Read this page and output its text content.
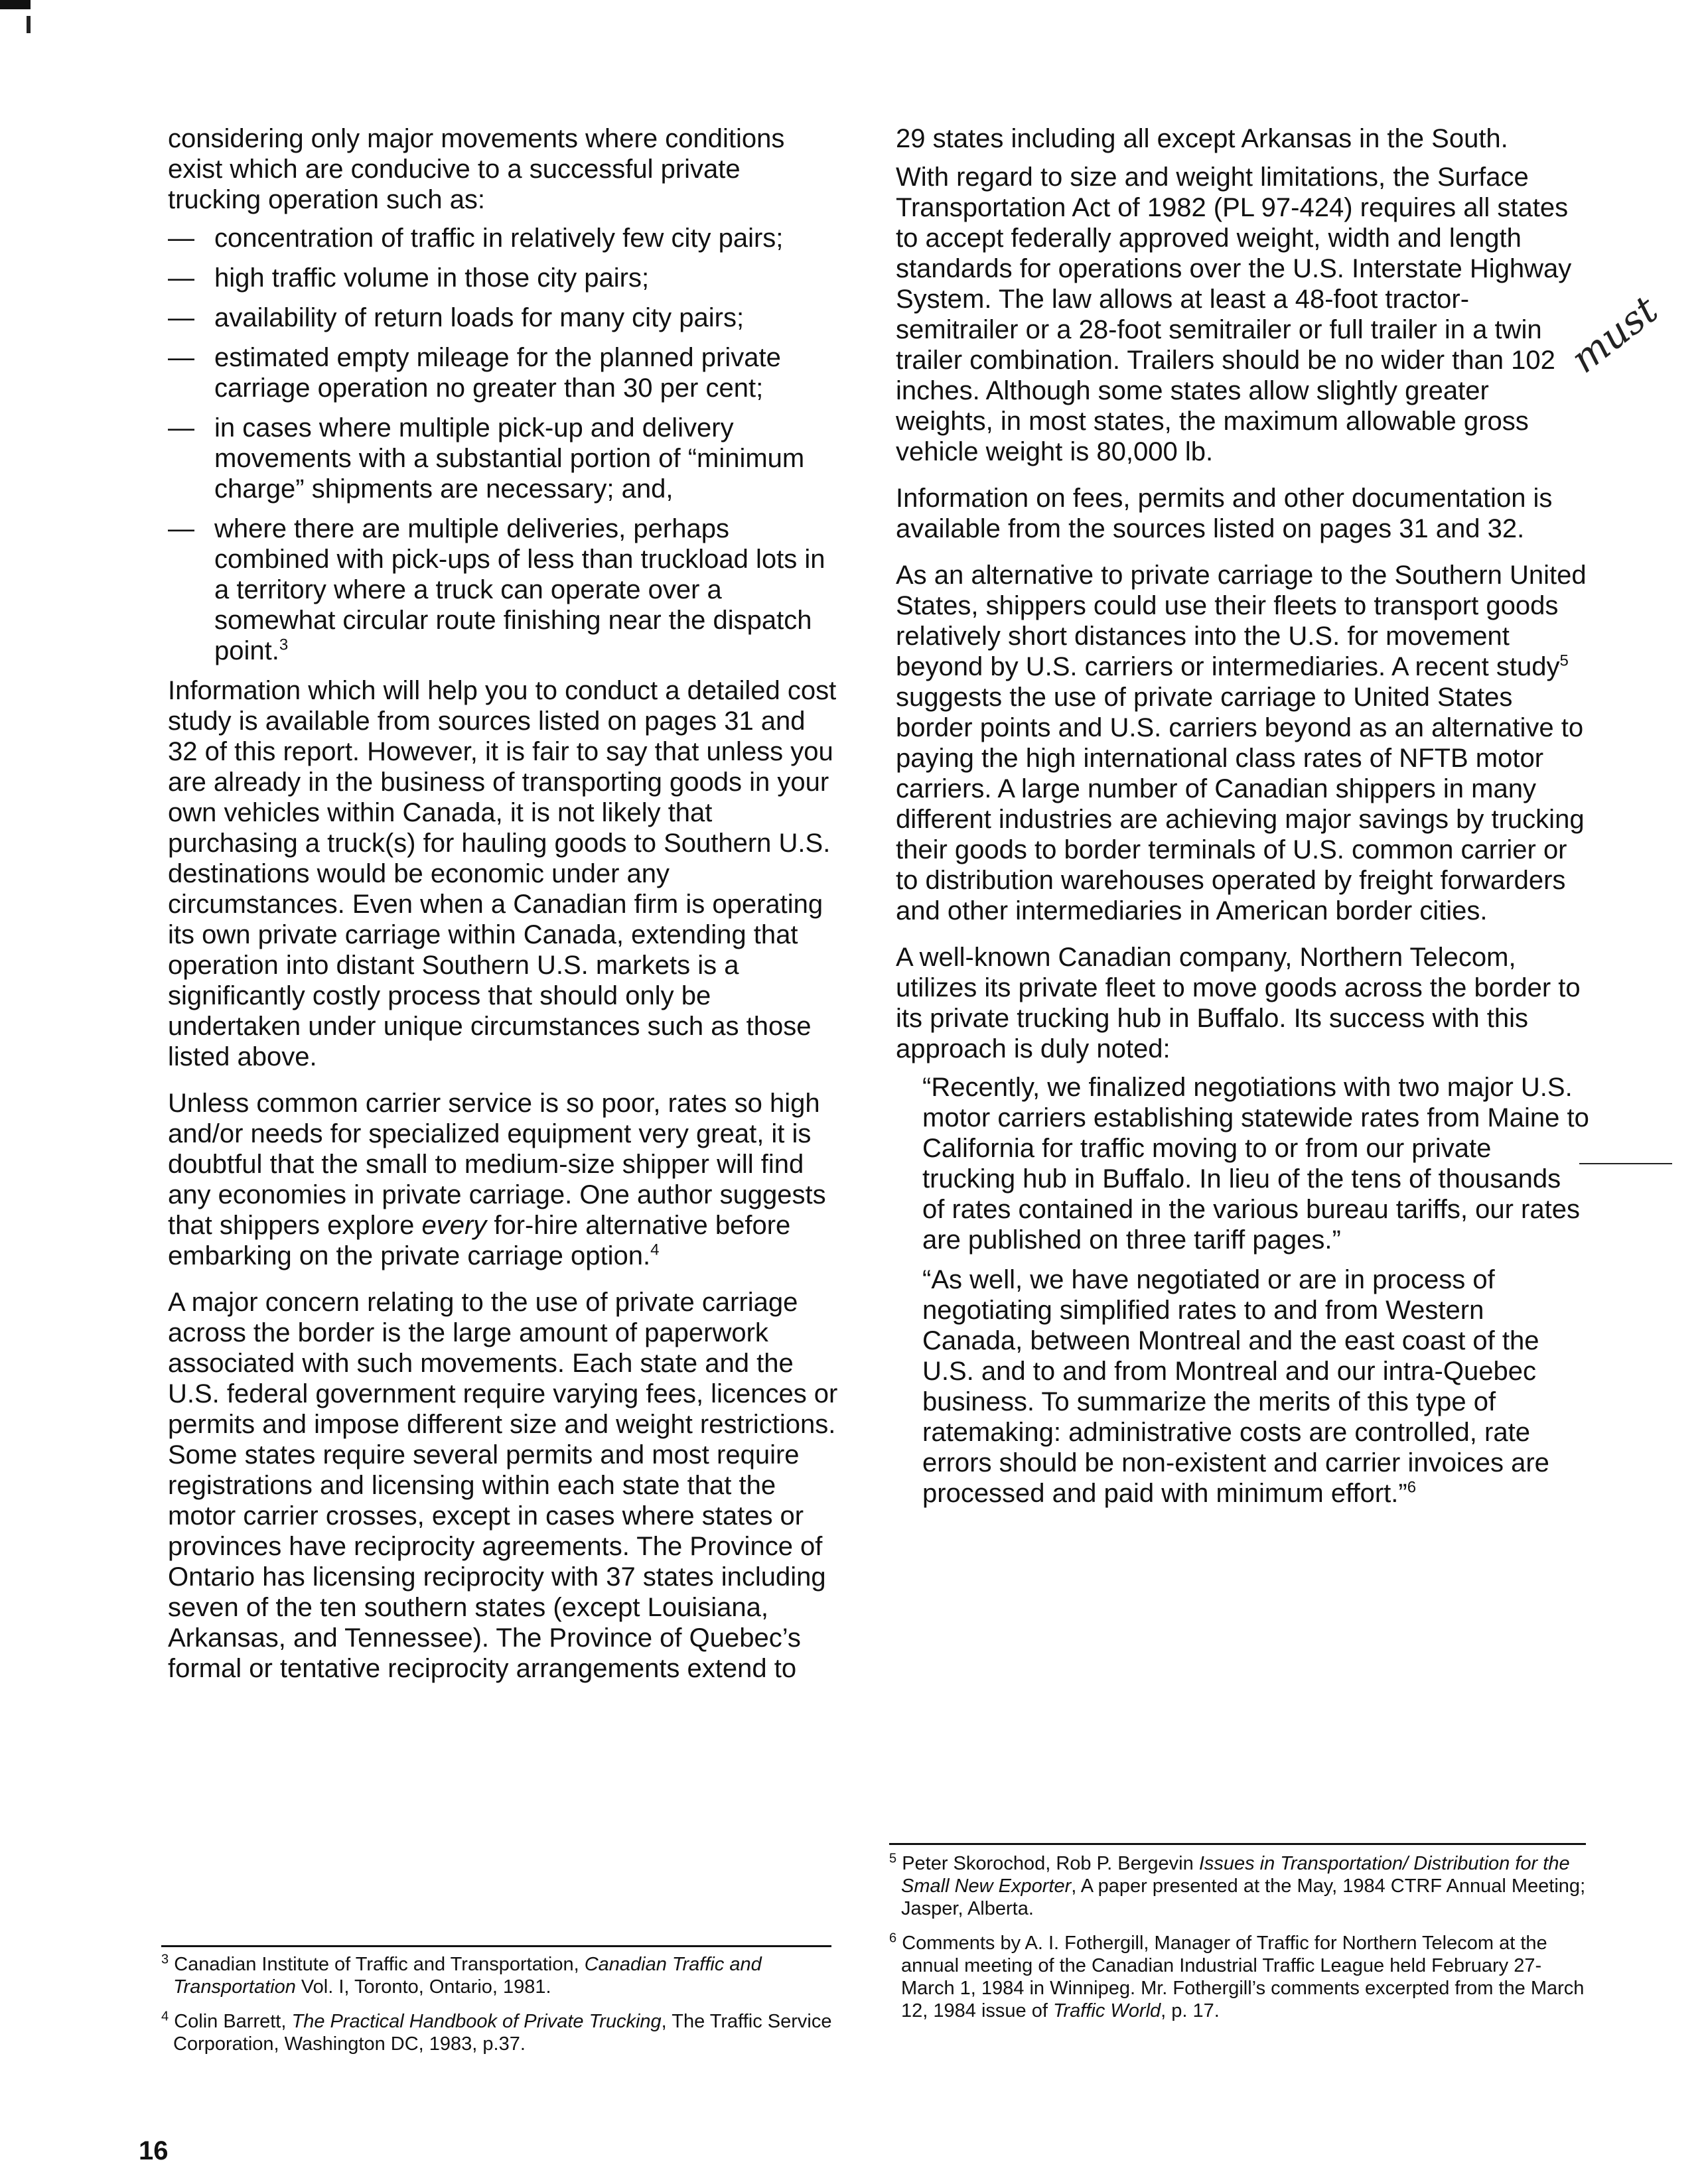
considering only major movements where conditions exist which are conducive to a successful private trucking operation such as:

— concentration of traffic in relatively few city pairs;
— high traffic volume in those city pairs;
— availability of return loads for many city pairs;
— estimated empty mileage for the planned private carriage operation no greater than 30 per cent;
— in cases where multiple pick-up and delivery movements with a substantial portion of “minimum charge” shipments are necessary; and,
— where there are multiple deliveries, perhaps combined with pick-ups of less than truckload lots in a territory where a truck can operate over a somewhat circular route finishing near the dispatch point.$^3$

Information which will help you to conduct a detailed cost study is available from sources listed on pages 31 and 32 of this report. However, it is fair to say that unless you are already in the business of transporting goods in your own vehicles within Canada, it is not likely that purchasing a truck(s) for hauling goods to Southern U.S. destinations would be economic under any circumstances. Even when a Canadian firm is operating its own private carriage within Canada, extending that operation into distant Southern U.S. markets is a significantly costly process that should only be undertaken under unique circumstances such as those listed above.

Unless common carrier service is so poor, rates so high and/or needs for specialized equipment very great, it is doubtful that the small to medium-size shipper will find any economies in private carriage. One author suggests that shippers explore every for-hire alternative before embarking on the private carriage option.$^4$

A major concern relating to the use of private carriage across the border is the large amount of paperwork associated with such movements. Each state and the U.S. federal government require varying fees, licences or permits and impose different size and weight restrictions. Some states require several permits and most require registrations and licensing within each state that the motor carrier crosses, except in cases where states or provinces have reciprocity agreements. The Province of Ontario has licensing reciprocity with 37 states including seven of the ten southern states (except Louisiana, Arkansas, and Tennessee). The Province of Quebec’s formal or tentative reciprocity arrangements extend to

29 states including all except Arkansas in the South.

With regard to size and weight limitations, the Surface Transportation Act of 1982 (PL 97-424) requires all states to accept federally approved weight, width and length standards for operations over the U.S. Interstate Highway System. The law allows at least a 48-foot tractor-semitrailer or a 28-foot semitrailer or full trailer in a twin trailer combination. Trailers should be no wider than 102 inches. Although some states allow slightly greater weights, in most states, the maximum allowable gross vehicle weight is 80,000 lb.

Information on fees, permits and other documentation is available from the sources listed on pages 31 and 32.

As an alternative to private carriage to the Southern United States, shippers could use their fleets to transport goods relatively short distances into the U.S. for movement beyond by U.S. carriers or intermediaries. A recent study$^5$ suggests the use of private carriage to United States border points and U.S. carriers beyond as an alternative to paying the high international class rates of NFTB motor carriers. A large number of Canadian shippers in many different industries are achieving major savings by trucking their goods to border terminals of U.S. common carrier or to distribution warehouses operated by freight forwarders and other intermediaries in American border cities.

A well-known Canadian company, Northern Telecom, utilizes its private fleet to move goods across the border to its private trucking hub in Buffalo. Its success with this approach is duly noted:

“Recently, we finalized negotiations with two major U.S. motor carriers establishing statewide rates from Maine to California for traffic moving to or from our private trucking hub in Buffalo. In lieu of the tens of thousands of rates contained in the various bureau tariffs, our rates are published on three tariff pages.”

“As well, we have negotiated or are in process of negotiating simplified rates to and from Western Canada, between Montreal and the east coast of the U.S. and to and from Montreal and our intra-Quebec business. To summarize the merits of this type of ratemaking: administrative costs are controlled, rate errors should be non-existent and carrier invoices are processed and paid with minimum effort.”$^6$

must

$^3$ Canadian Institute of Traffic and Transportation, Canadian Traffic and Transportation Vol. I, Toronto, Ontario, 1981.

$^4$ Colin Barrett, The Practical Handbook of Private Trucking, The Traffic Service Corporation, Washington DC, 1983, p.37.

$^5$ Peter Skorochod, Rob P. Bergevin Issues in Transportation/ Distribution for the Small New Exporter, A paper presented at the May, 1984 CTRF Annual Meeting; Jasper, Alberta.

$^6$ Comments by A. I. Fothergill, Manager of Traffic for Northern Telecom at the annual meeting of the Canadian Industrial Traffic League held February 27-March 1, 1984 in Winnipeg. Mr. Fothergill’s comments excerpted from the March 12, 1984 issue of Traffic World, p. 17.

16
